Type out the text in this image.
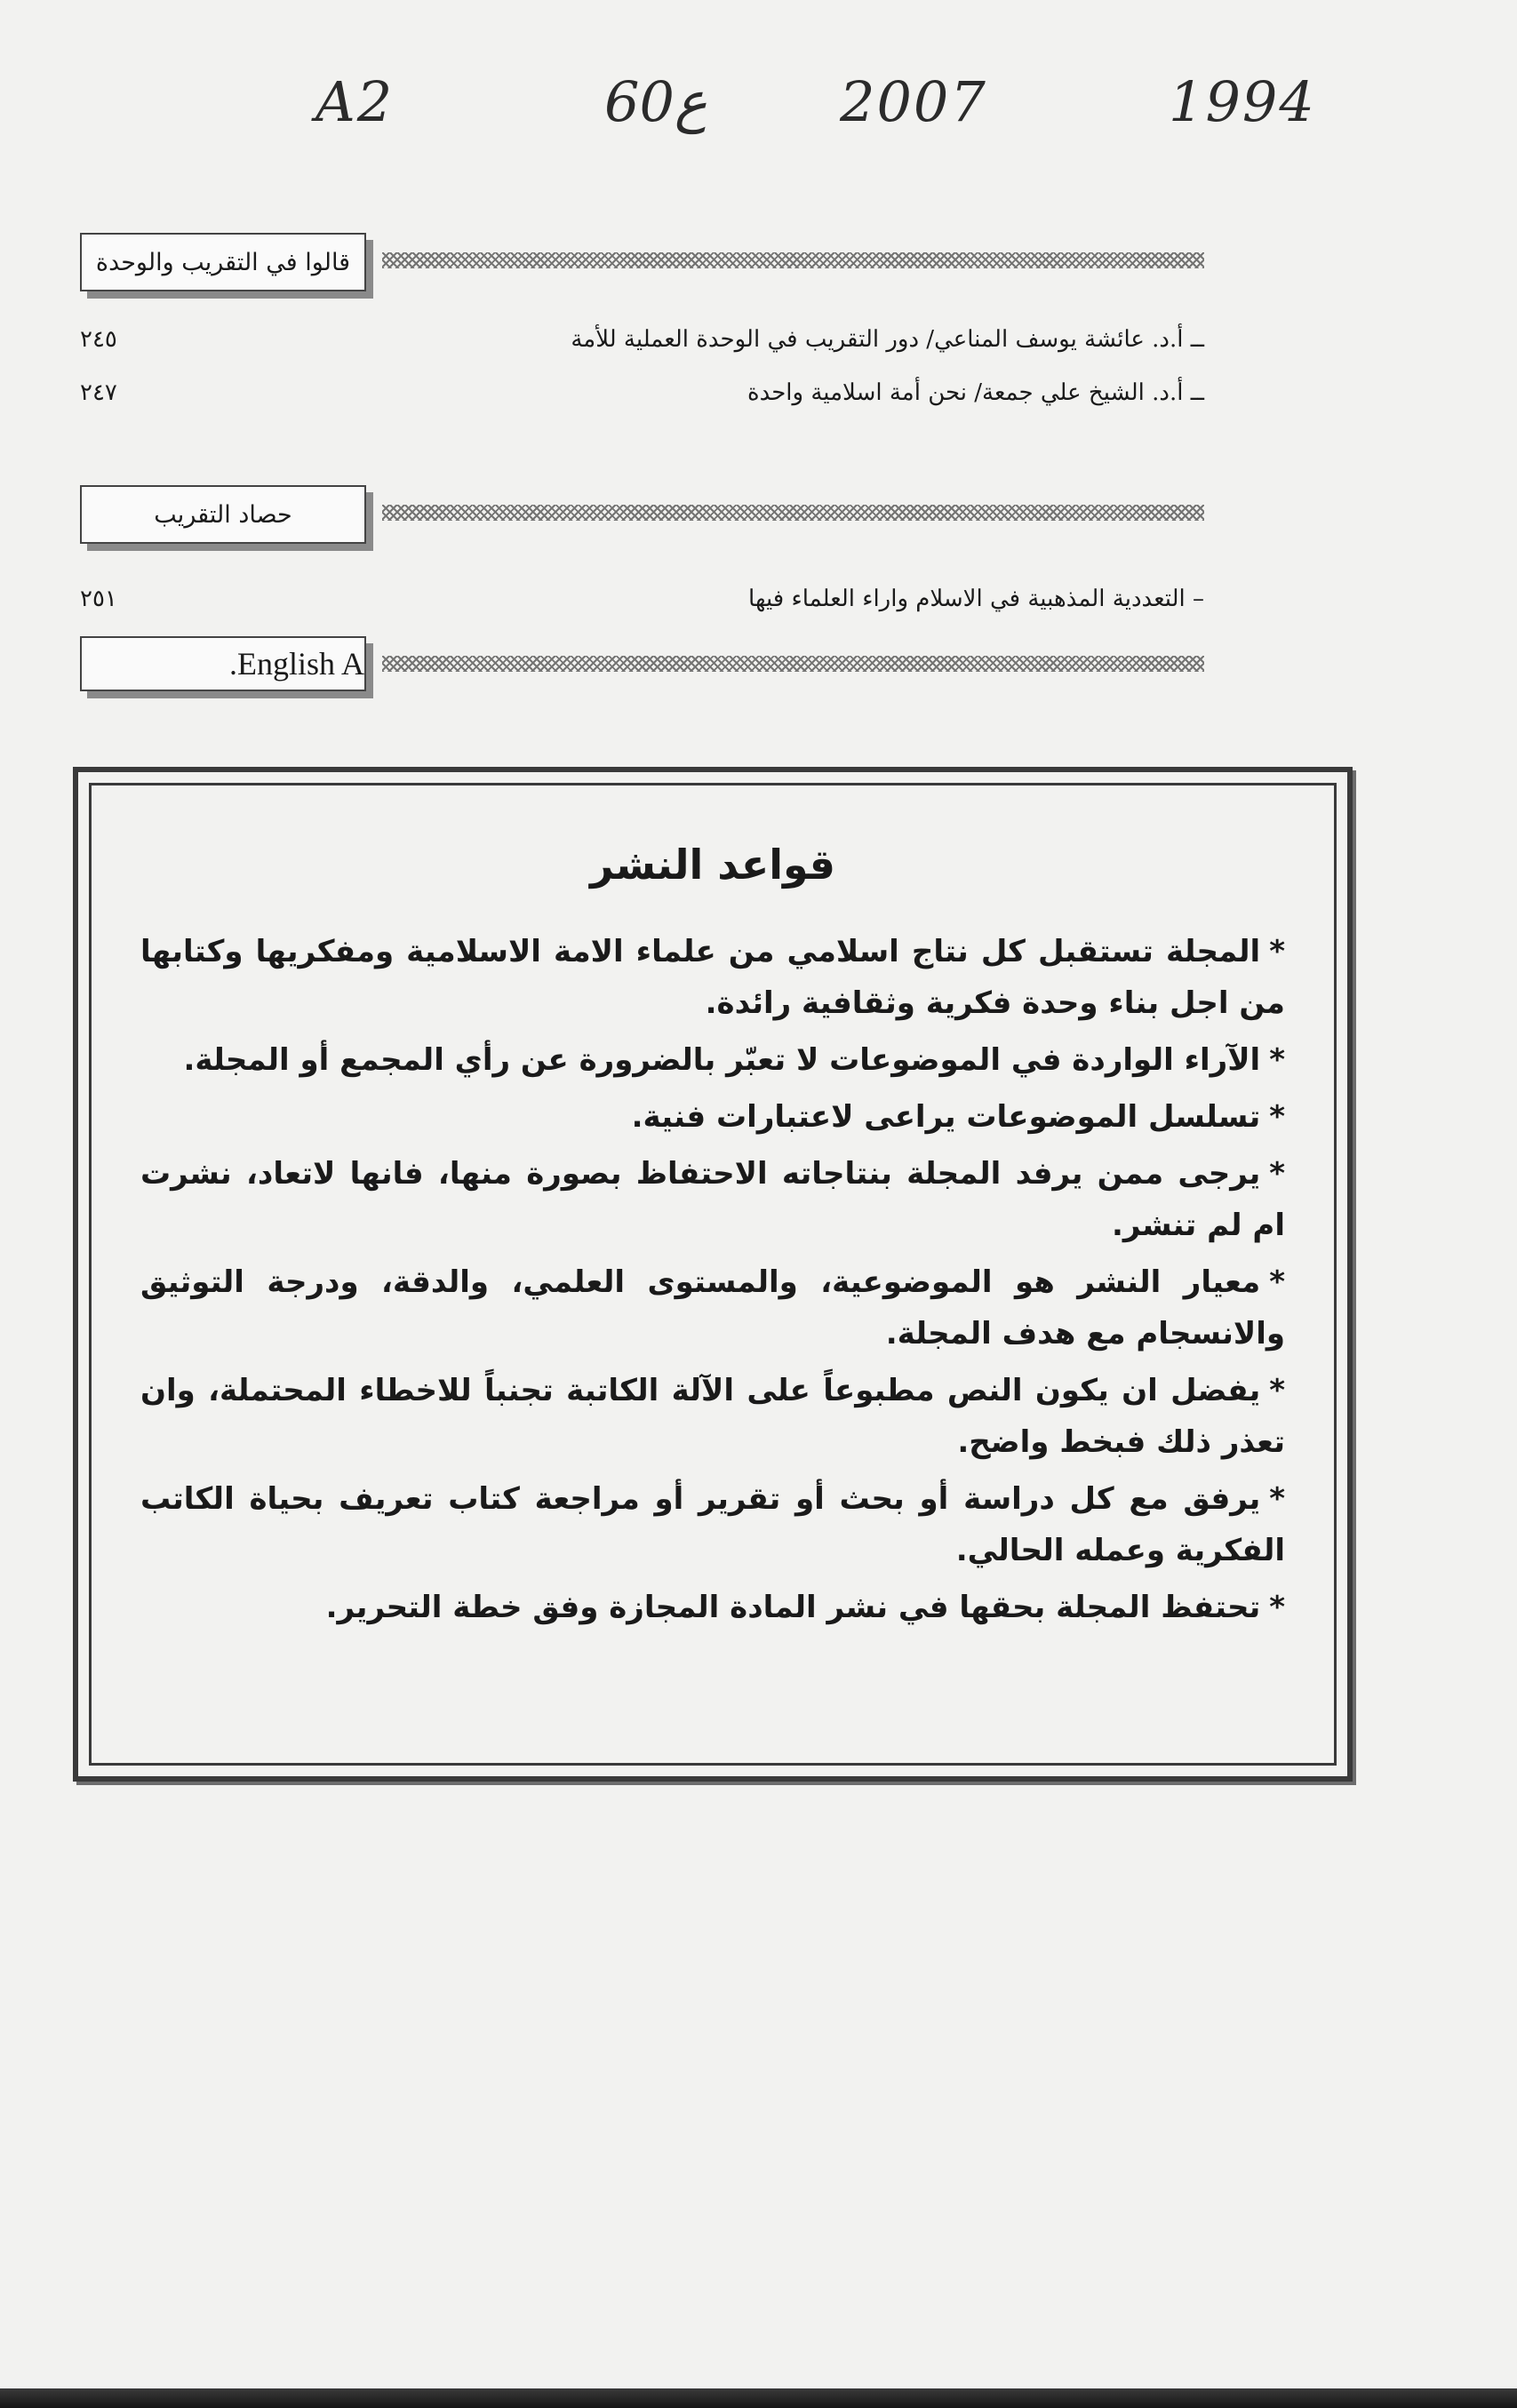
A2	60ع 2007	1994
قالوا في التقريب والوحدة
٢٤٥	ــ أ.د. عائشة يوسف المناعي/ دور التقريب في الوحدة العملية للأمة
٢٤٧	ــ أ.د. الشيخ علي جمعة/ نحن أمة اسلامية واحدة
حصاد التقريب
٢٥١	– التعددية المذهبية في الاسلام واراء العلماء فيها
English A.
قواعد النشر
*المجلة تستقبل كل نتاج اسلامي من علماء الامة الاسلامية ومفكريها وكتابها من اجل بناء وحدة فكرية وثقافية رائدة.
*الآراء الواردة في الموضوعات لا تعبّر بالضرورة عن رأي المجمع أو المجلة.
*تسلسل الموضوعات يراعى لاعتبارات فنية.
*يرجى ممن يرفد المجلة بنتاجاته الاحتفاظ بصورة منها، فانها لاتعاد، نشرت ام لم تنشر.
*معيار النشر هو الموضوعية، والمستوى العلمي، والدقة، ودرجة التوثيق والانسجام مع هدف المجلة.
*يفضل ان يكون النص مطبوعاً على الآلة الكاتبة تجنباً للاخطاء المحتملة، وان تعذر ذلك فبخط واضح.
*يرفق مع كل دراسة أو بحث أو تقرير أو مراجعة كتاب تعريف بحياة الكاتب الفكرية وعمله الحالي.
*تحتفظ المجلة بحقها في نشر المادة المجازة وفق خطة التحرير.
